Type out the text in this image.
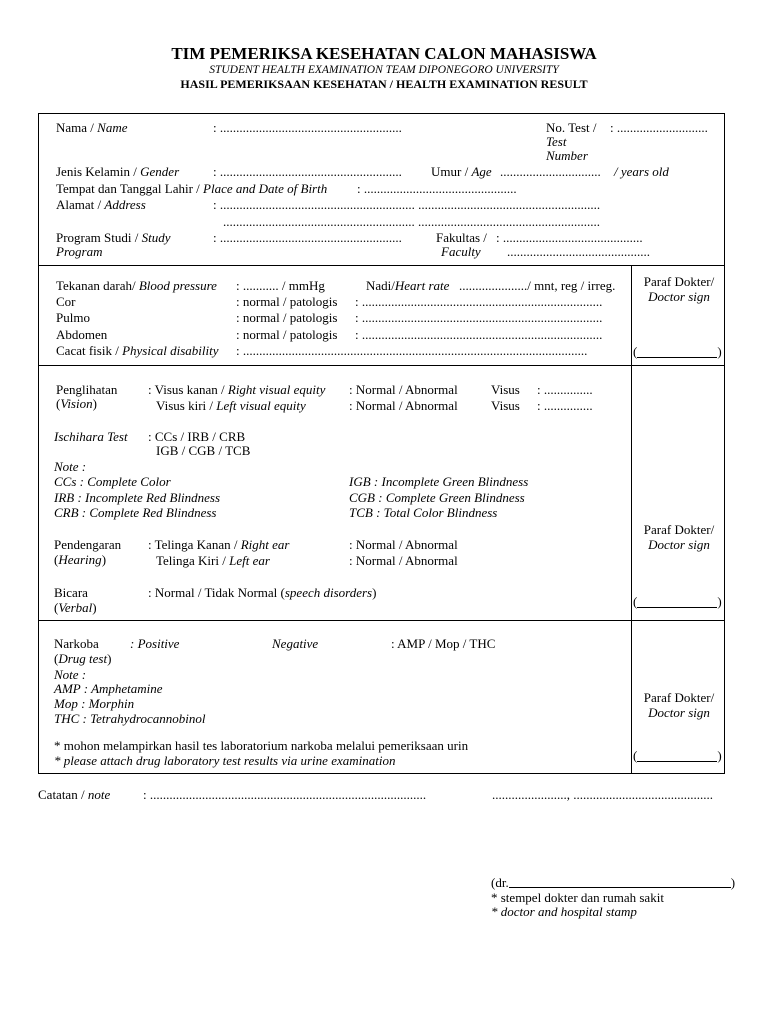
TIM PEMERIKSA KESEHATAN CALON MAHASISWA
STUDENT HEALTH EXAMINATION TEAM DIPONEGORO UNIVERSITY
HASIL PEMERIKSAAN KESEHATAN / HEALTH EXAMINATION RESULT
Nama / Name	: ........................................................	No. Test / : ............................
Test
Number
Jenis Kelamin / Gender	: ........................................................ Umur / Age ............................... / years old
Tempat dan Tanggal Lahir / Place and Date of Birth : ...............................................
Alamat / Address	: ............................................................ ........................................................
........................................................... ........................................................
Program Studi / Study
Program
: ........................................................	Fakultas / : ...........................................
Faculty ............................................
Tekanan darah/ Blood pressure : ........... / mmHg	Nadi/Heart rate ...................../ mnt, reg / irreg.
Cor	: normal / patologis : ..........................................................................
Pulmo	: normal / patologis : ..........................................................................
Abdomen	: normal / patologis : ..........................................................................
Cacat fisik / Physical disability : ..........................................................................................................
Paraf Dokter/
Doctor sign
(	)
Penglihatan
(Vision)
: Visus kanan / Right visual equity : Normal / Abnormal	Visus : ...............
Visus kiri / Left visual equity	: Normal / Abnormal	Visus : ...............
Ischihara Test : CCs / IRB / CRB
IGB / CGB / TCB
Note :
CCs : Complete Color
IRB : Incomplete Red Blindness
CRB : Complete Red Blindness
IGB : Incomplete Green Blindness
CGB : Complete Green Blindness
TCB : Total Color Blindness
Pendengaran
(Hearing)
: Telinga Kanan / Right ear	: Normal / Abnormal
Telinga Kiri / Left ear	: Normal / Abnormal
Bicara
(Verbal)
: Normal / Tidak Normal (speech disorders)
Paraf Dokter/
Doctor sign
(	)
Narkoba
(Drug test)
: Positive	Negative	: AMP / Mop / THC
Note :
AMP : Amphetamine
Mop : Morphin
THC : Tetrahydrocannobinol
* mohon melampirkan hasil tes laboratorium narkoba melalui pemeriksaan urin
* please attach drug laboratory test results via urine examination
Paraf Dokter/
Doctor sign
(	)
Catatan / note	: .....................................................................................	......................., ...........................................
(dr.	)
* stempel dokter dan rumah sakit
* doctor and hospital stamp
